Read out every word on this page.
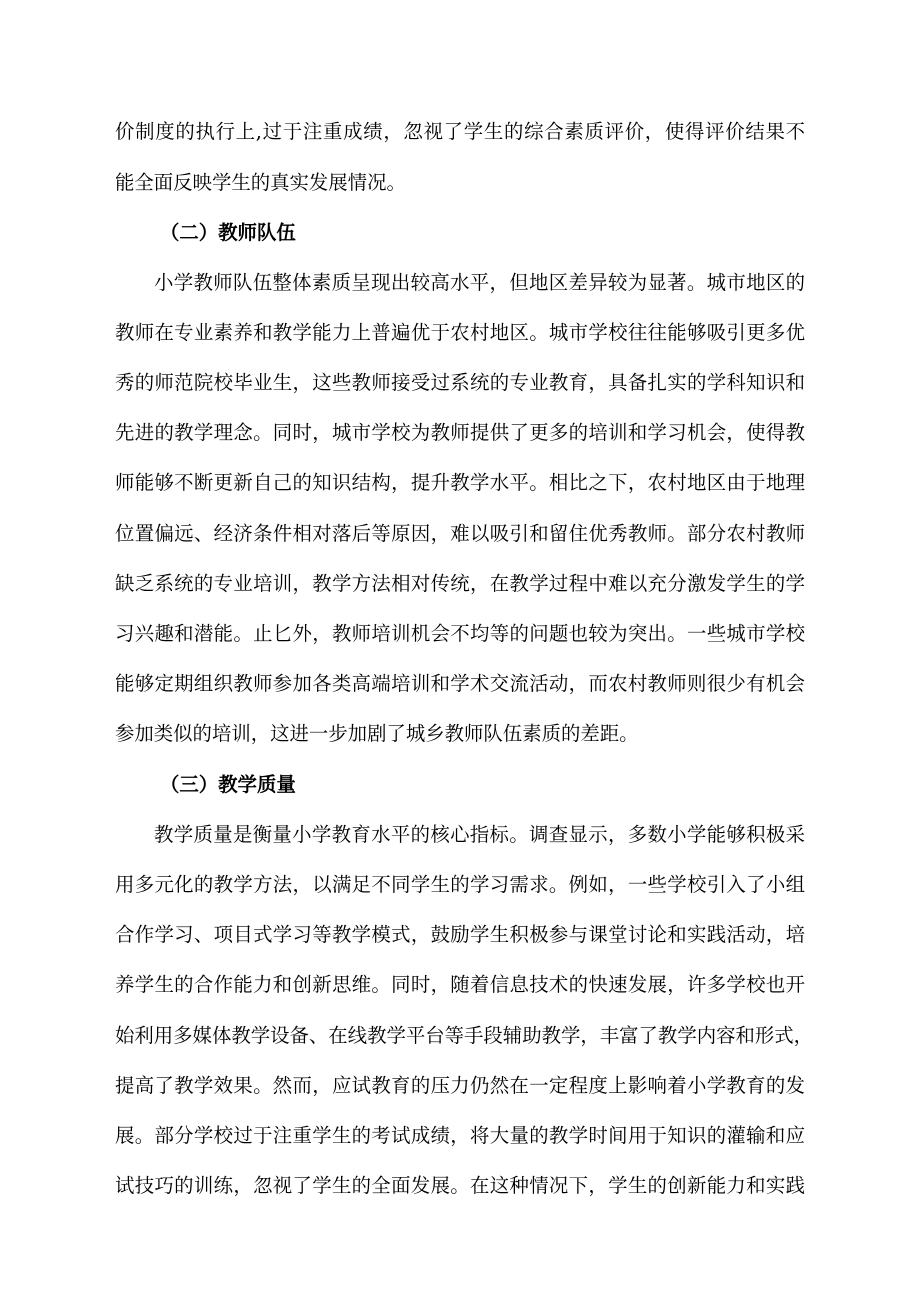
价制度的执行上,过于注重成绩，忽视了学生的综合素质评价，使得评价结果不
能全面反映学生的真实发展情况。
（二）教师队伍
小学教师队伍整体素质呈现出较高水平，但地区差异较为显著。城市地区的
教师在专业素养和教学能力上普遍优于农村地区。城市学校往往能够吸引更多优
秀的师范院校毕业生，这些教师接受过系统的专业教育，具备扎实的学科知识和
先进的教学理念。同时，城市学校为教师提供了更多的培训和学习机会，使得教
师能够不断更新自己的知识结构，提升教学水平。相比之下，农村地区由于地理
位置偏远、经济条件相对落后等原因，难以吸引和留住优秀教师。部分农村教师
缺乏系统的专业培训，教学方法相对传统，在教学过程中难以充分激发学生的学
习兴趣和潜能。止匕外，教师培训机会不均等的问题也较为突出。一些城市学校
能够定期组织教师参加各类高端培训和学术交流活动，而农村教师则很少有机会
参加类似的培训，这进一步加剧了城乡教师队伍素质的差距。
（三）教学质量
教学质量是衡量小学教育水平的核心指标。调查显示，多数小学能够积极采
用多元化的教学方法，以满足不同学生的学习需求。例如，一些学校引入了小组
合作学习、项目式学习等教学模式，鼓励学生积极参与课堂讨论和实践活动，培
养学生的合作能力和创新思维。同时，随着信息技术的快速发展，许多学校也开
始利用多媒体教学设备、在线教学平台等手段辅助教学，丰富了教学内容和形式，
提高了教学效果。然而，应试教育的压力仍然在一定程度上影响着小学教育的发
展。部分学校过于注重学生的考试成绩，将大量的教学时间用于知识的灌输和应
试技巧的训练，忽视了学生的全面发展。在这种情况下，学生的创新能力和实践
